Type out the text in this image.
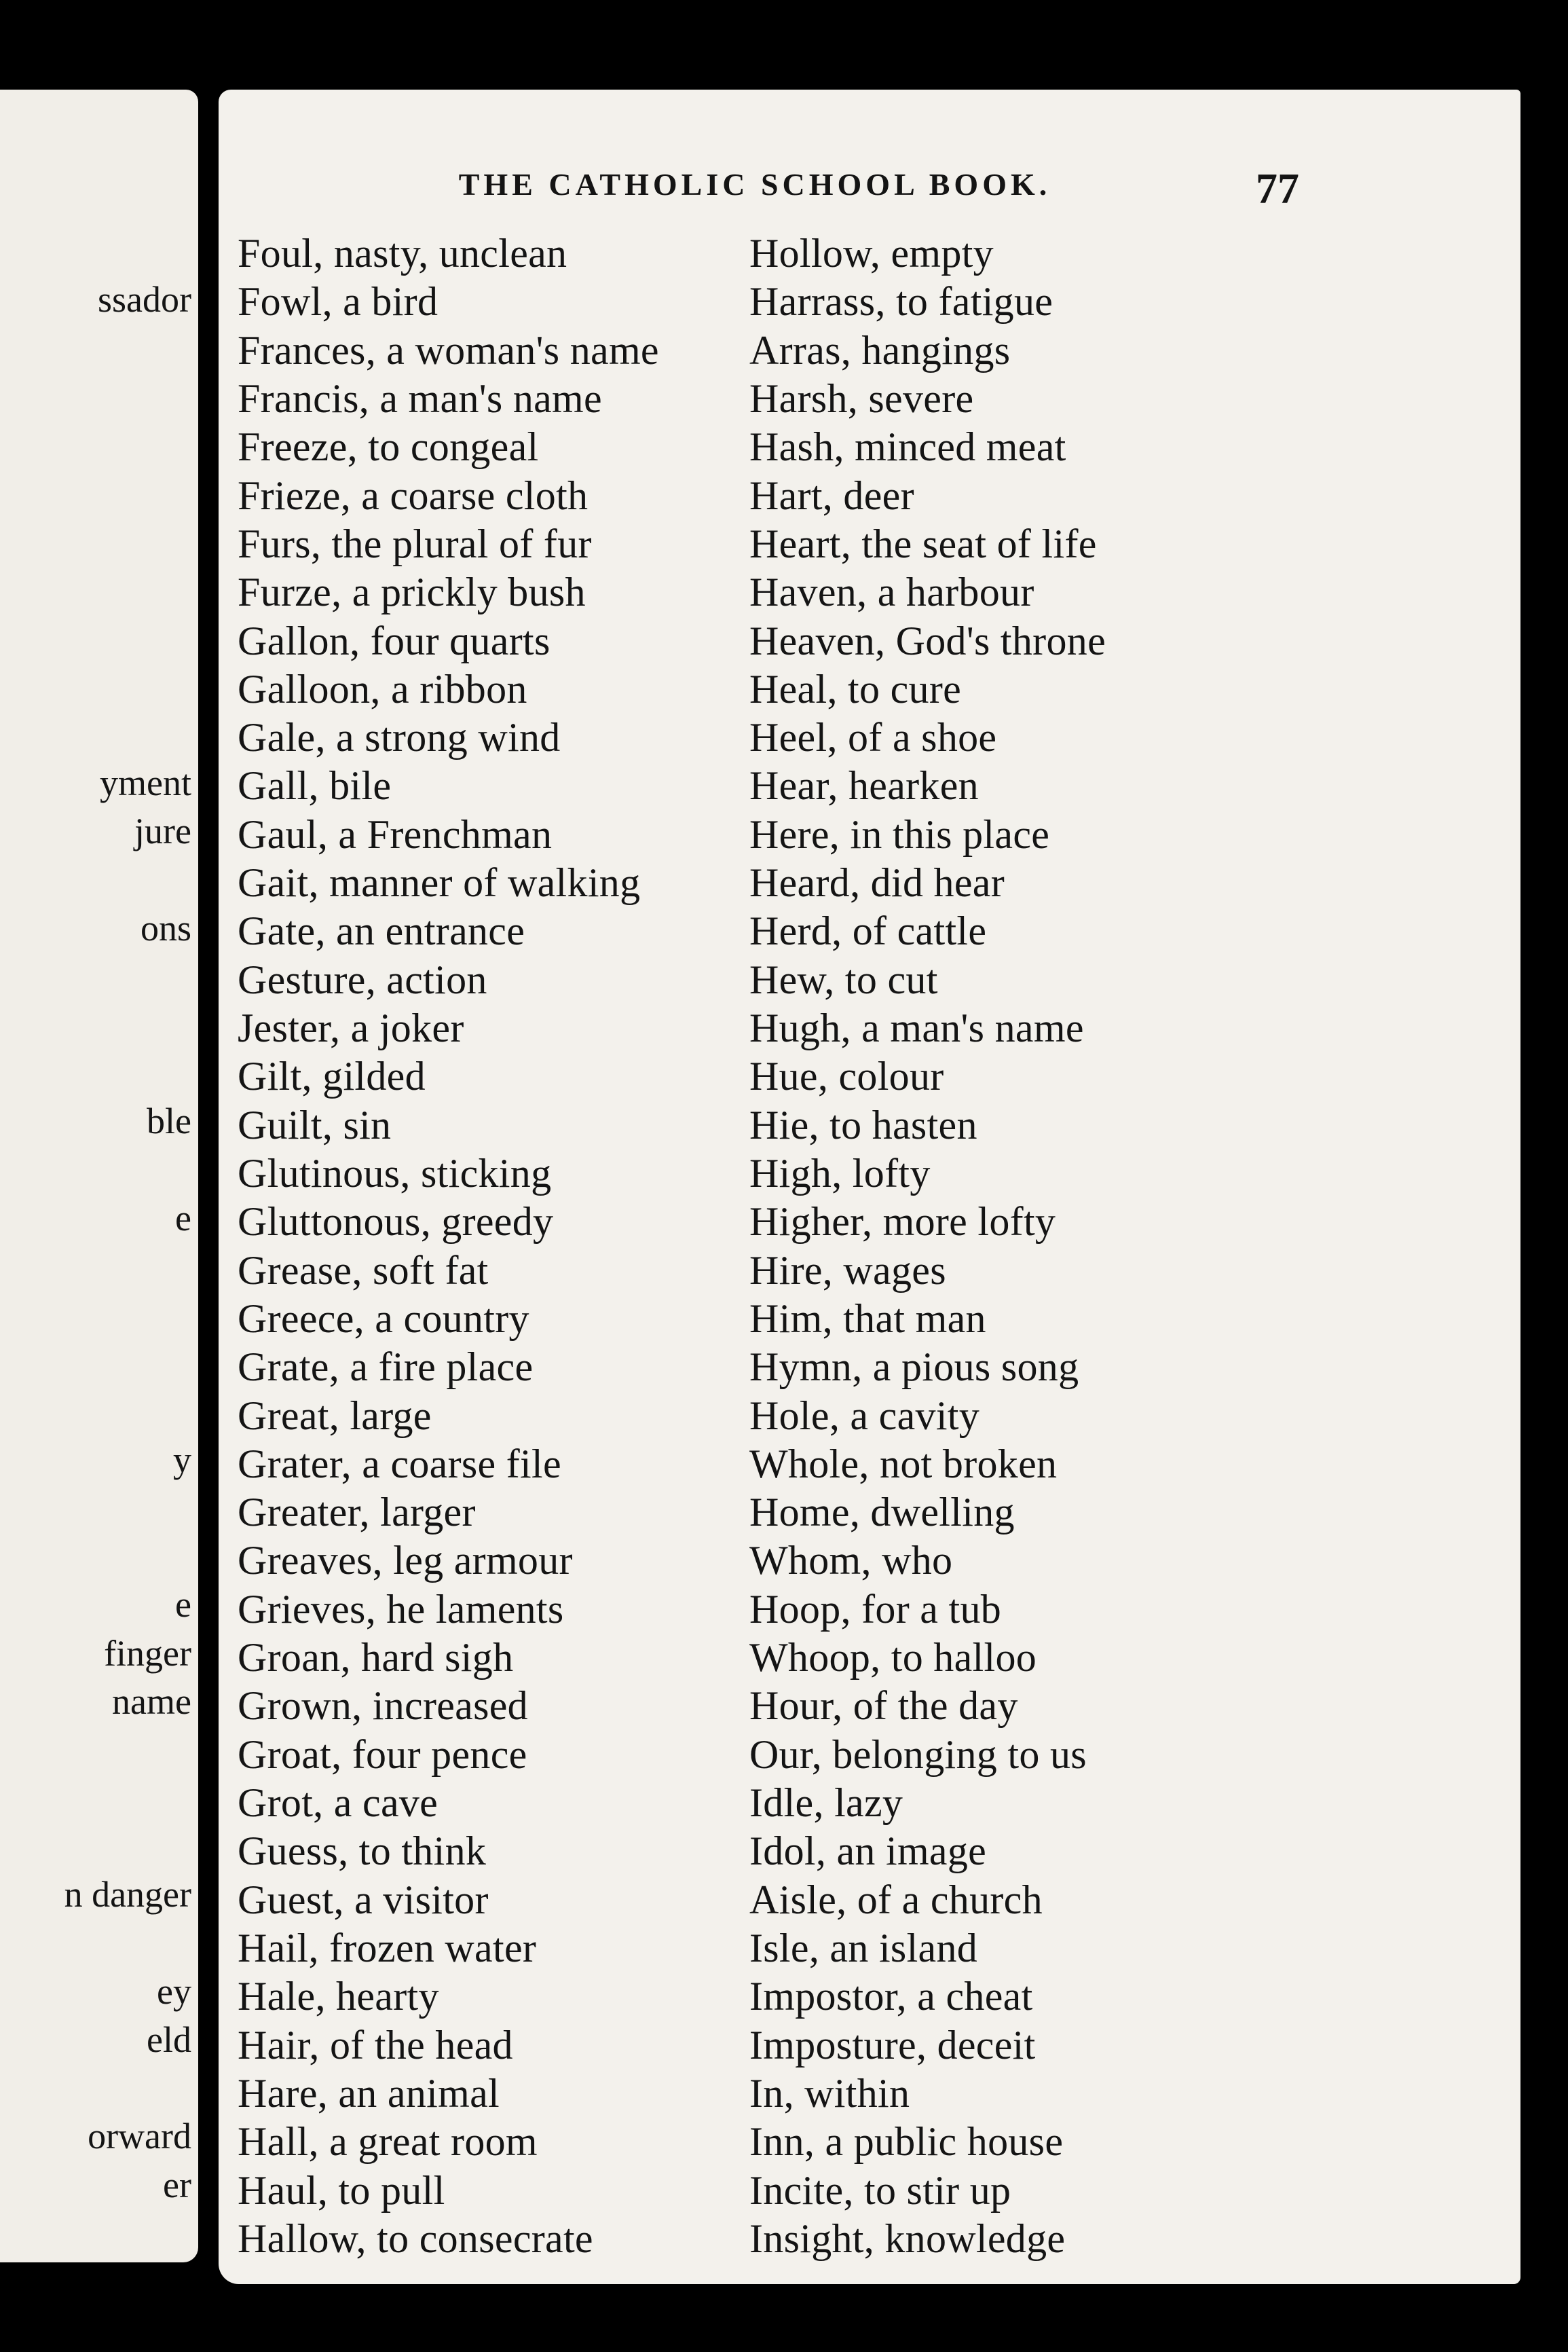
ssador
yment
jure
ons
ble
e
y
e
finger
name
n danger
ey
eld
orward
er
THE CATHOLIC SCHOOL BOOK.	77
Foul, nasty, unclean
Fowl, a bird
Frances, a woman's name
Francis, a man's name
Freeze, to congeal
Frieze, a coarse cloth
Furs, the plural of fur
Furze, a prickly bush
Gallon, four quarts
Galloon, a ribbon
Gale, a strong wind
Gall, bile
Gaul, a Frenchman
Gait, manner of walking
Gate, an entrance
Gesture, action
Jester, a joker
Gilt, gilded
Guilt, sin
Glutinous, sticking
Gluttonous, greedy
Grease, soft fat
Greece, a country
Grate, a fire place
Great, large
Grater, a coarse file
Greater, larger
Greaves, leg armour
Grieves, he laments
Groan, hard sigh
Grown, increased
Groat, four pence
Grot, a cave
Guess, to think
Guest, a visitor
Hail, frozen water
Hale, hearty
Hair, of the head
Hare, an animal
Hall, a great room
Haul, to pull
Hallow, to consecrate
Hollow, empty
Harrass, to fatigue
Arras, hangings
Harsh, severe
Hash, minced meat
Hart, deer
Heart, the seat of life
Haven, a harbour
Heaven, God's throne
Heal, to cure
Heel, of a shoe
Hear, hearken
Here, in this place
Heard, did hear
Herd, of cattle
Hew, to cut
Hugh, a man's name
Hue, colour
Hie, to hasten
High, lofty
Higher, more lofty
Hire, wages
Him, that man
Hymn, a pious song
Hole, a cavity
Whole, not broken
Home, dwelling
Whom, who
Hoop, for a tub
Whoop, to halloo
Hour, of the day
Our, belonging to us
Idle, lazy
Idol, an image
Aisle, of a church
Isle, an island
Impostor, a cheat
Imposture, deceit
In, within
Inn, a public house
Incite, to stir up
Insight, knowledge
